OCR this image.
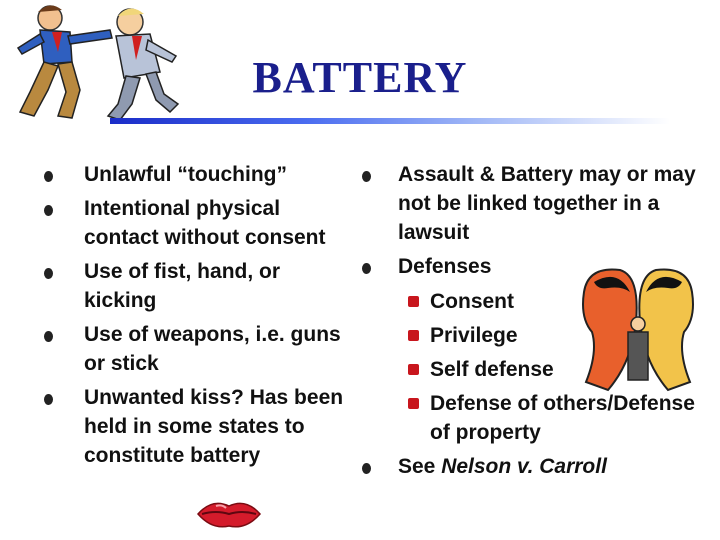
BATTERY
Unlawful “touching”
Intentional physical contact without consent
Use of fist, hand, or kicking
Use of weapons, i.e. guns or stick
Unwanted kiss? Has been held in some states to constitute battery
Assault & Battery may or may not be linked together in a lawsuit
Defenses
Consent
Privilege
Self defense
Defense of others/Defense of property
See Nelson v. Carroll
